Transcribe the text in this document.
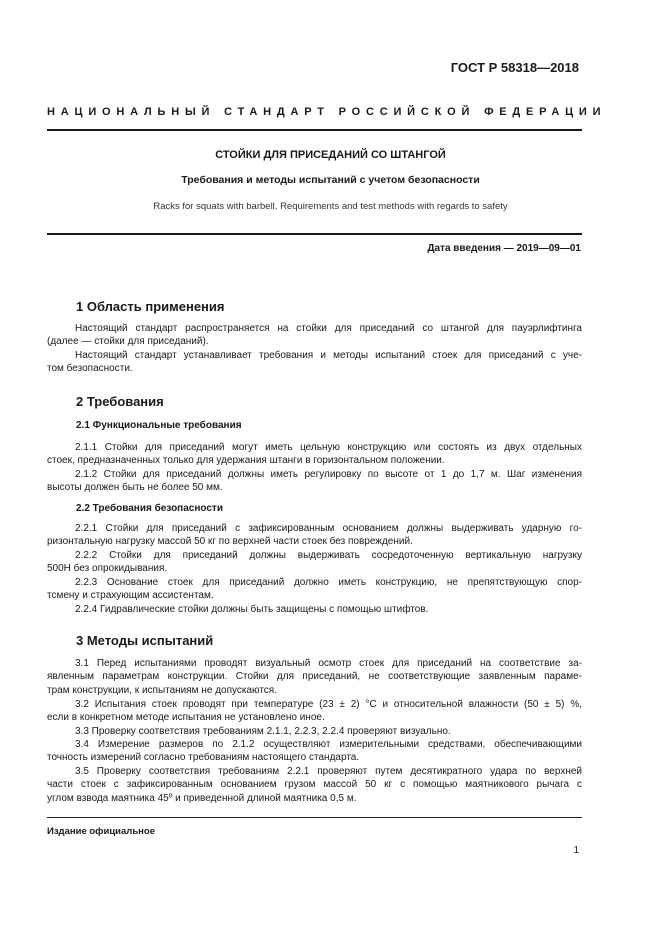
ГОСТ Р 58318—2018
НАЦИОНАЛЬНЫЙ СТАНДАРТ РОССИЙСКОЙ ФЕДЕРАЦИИ
СТОЙКИ ДЛЯ ПРИСЕДАНИЙ СО ШТАНГОЙ
Требования и методы испытаний с учетом безопасности
Racks for squats with barbell. Requirements and test methods with regards to safety
Дата введения — 2019—09—01
1 Область применения
Настоящий стандарт распространяется на стойки для приседаний со штангой для пауэрлифтинга
(далее — стойки для приседаний).
Настоящий стандарт устанавливает требования и методы испытаний стоек для приседаний с уче-
том безопасности.
2 Требования
2.1 Функциональные требования
2.1.1 Стойки для приседаний могут иметь цельную конструкцию или состоять из двух отдельных
стоек, предназначенных только для удержания штанги в горизонтальном положении.
2.1.2 Стойки для приседаний должны иметь регулировку по высоте от 1 до 1,7 м. Шаг изменения
высоты должен быть не более 50 мм.
2.2 Требования безопасности
2.2.1 Стойки для приседаний с зафиксированным основанием должны выдерживать ударную го-
ризонтальную нагрузку массой 50 кг по верхней части стоек без повреждений.
2.2.2 Стойки для приседаний должны выдерживать сосредоточенную вертикальную нагрузку
500Н без опрокидывания.
2.2.3 Основание стоек для приседаний должно иметь конструкцию, не препятствующую спор-
тсмену и страхующим ассистентам.
2.2.4 Гидравлические стойки должны быть защищены с помощью штифтов.
3 Методы испытаний
3.1 Перед испытаниями проводят визуальный осмотр стоек для приседаний на соответствие за-
явленным параметрам конструкции. Стойки для приседаний, не соответствующие заявленным параме-
трам конструкции, к испытаниям не допускаются.
3.2 Испытания стоек проводят при температуре (23 ± 2) °С и относительной влажности (50 ± 5) %,
если в конкретном методе испытания не установлено иное.
3.3 Проверку соответствия требованиям 2.1.1, 2.2.3, 2.2.4 проверяют визуально.
3.4 Измерение размеров по 2.1.2 осуществляют измерительными средствами, обеспечивающими
точность измерений согласно требованиям настоящего стандарта.
3.5 Проверку соответствия требованиям 2.2.1 проверяют путем десятикратного удара по верхней
части стоек с зафиксированным основанием грузом массой 50 кг с помощью маятникового рычага с
углом взвода маятника 45º и приведенной длиной маятника 0,5 м.
Издание официальное
1
